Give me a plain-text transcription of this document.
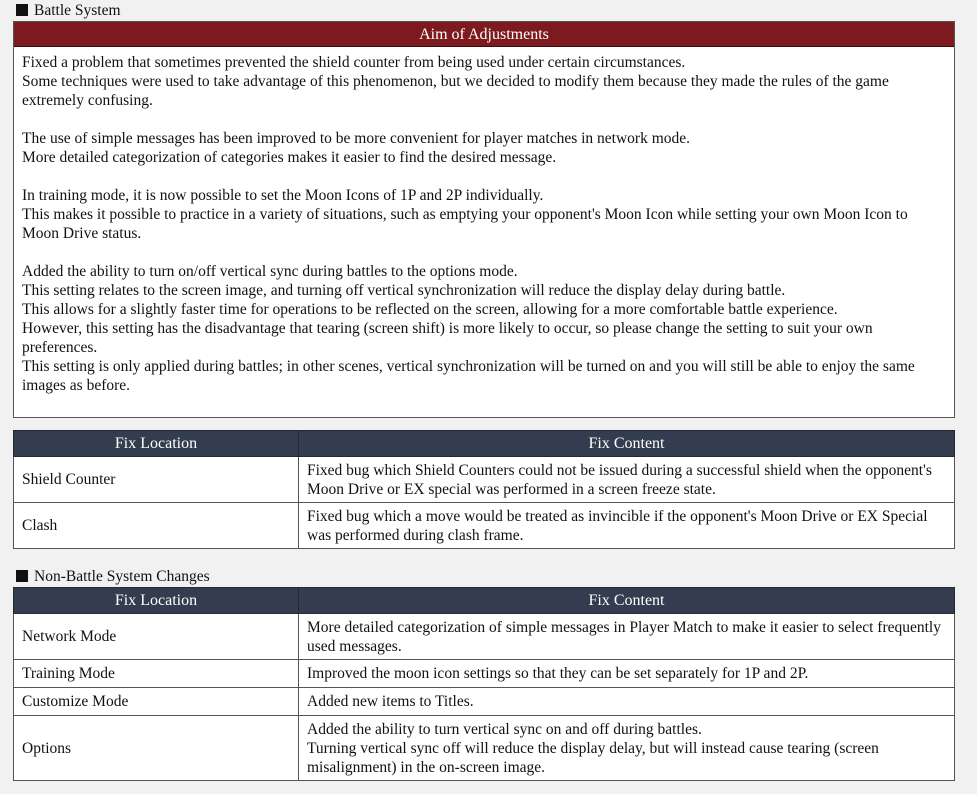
Battle System
Aim of Adjustments

Fixed a problem that sometimes prevented the shield counter from being used under certain circumstances.
Some techniques were used to take advantage of this phenomenon, but we decided to modify them because they made the rules of the game extremely confusing.

The use of simple messages has been improved to be more convenient for player matches in network mode.
More detailed categorization of categories makes it easier to find the desired message.

In training mode, it is now possible to set the Moon Icons of 1P and 2P individually.
This makes it possible to practice in a variety of situations, such as emptying your opponent's Moon Icon while setting your own Moon Icon to Moon Drive status.

Added the ability to turn on/off vertical sync during battles to the options mode.
This setting relates to the screen image, and turning off vertical synchronization will reduce the display delay during battle.
This allows for a slightly faster time for operations to be reflected on the screen, allowing for a more comfortable battle experience.
However, this setting has the disadvantage that tearing (screen shift) is more likely to occur, so please change the setting to suit your own preferences.
This setting is only applied during battles; in other scenes, vertical synchronization will be turned on and you will still be able to enjoy the same images as before.

Fix Location	Fix Content
Shield Counter	Fixed bug which Shield Counters could not be issued during a successful shield when the opponent's Moon Drive or EX special was performed in a screen freeze state.
Clash	Fixed bug which a move would be treated as invincible if the opponent's Moon Drive or EX Special was performed during clash frame.
Non-Battle System Changes
Fix Location	Fix Content
Network Mode	More detailed categorization of simple messages in Player Match to make it easier to select frequently used messages.
Training Mode	Improved the moon icon settings so that they can be set separately for 1P and 2P.
Customize Mode	Added new items to Titles.
Options	Added the ability to turn vertical sync on and off during battles.
Turning vertical sync off will reduce the display delay, but will instead cause tearing (screen misalignment) in the on-screen image.
